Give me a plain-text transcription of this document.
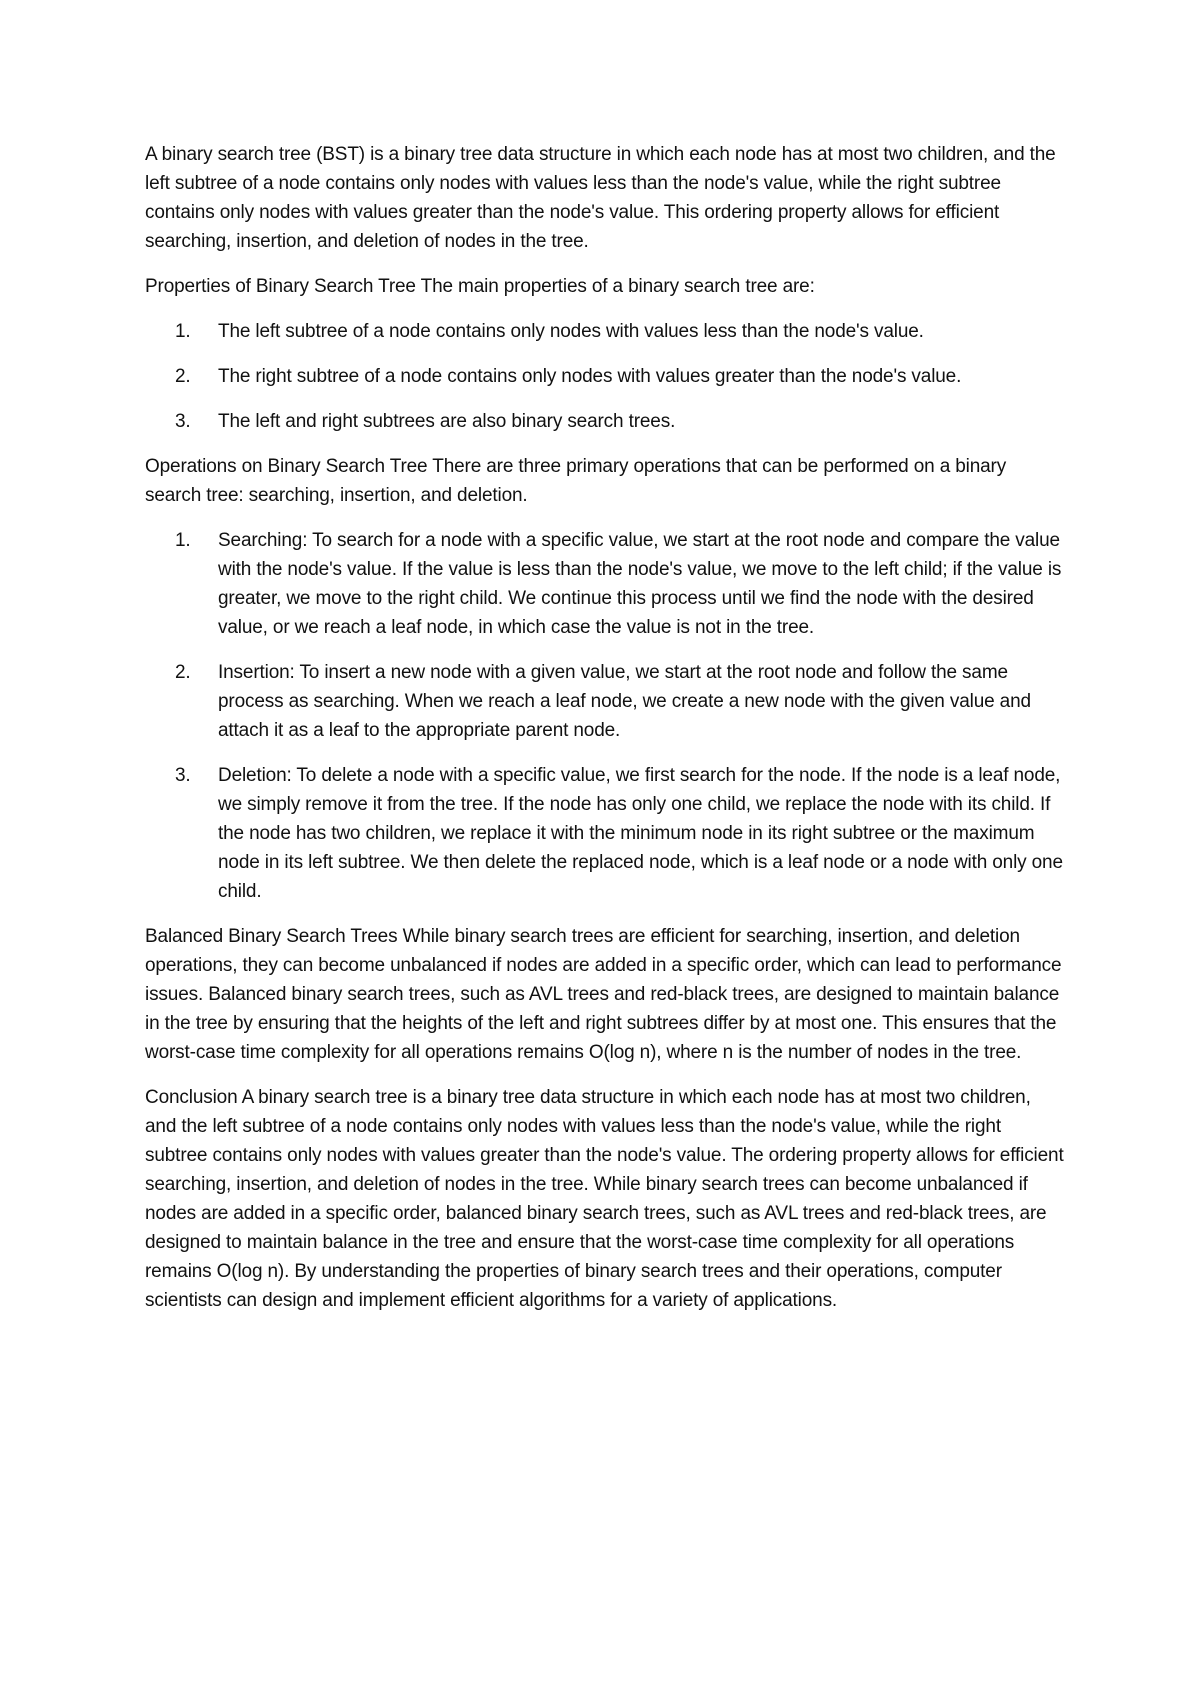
A binary search tree (BST) is a binary tree data structure in which each node has at most two children, and the left subtree of a node contains only nodes with values less than the node's value, while the right subtree contains only nodes with values greater than the node's value. This ordering property allows for efficient searching, insertion, and deletion of nodes in the tree.

Properties of Binary Search Tree The main properties of a binary search tree are:

1. The left subtree of a node contains only nodes with values less than the node's value.
2. The right subtree of a node contains only nodes with values greater than the node's value.
3. The left and right subtrees are also binary search trees.

Operations on Binary Search Tree There are three primary operations that can be performed on a binary search tree: searching, insertion, and deletion.

1. Searching: To search for a node with a specific value, we start at the root node and compare the value with the node's value. If the value is less than the node's value, we move to the left child; if the value is greater, we move to the right child. We continue this process until we find the node with the desired value, or we reach a leaf node, in which case the value is not in the tree.
2. Insertion: To insert a new node with a given value, we start at the root node and follow the same process as searching. When we reach a leaf node, we create a new node with the given value and attach it as a leaf to the appropriate parent node.
3. Deletion: To delete a node with a specific value, we first search for the node. If the node is a leaf node, we simply remove it from the tree. If the node has only one child, we replace the node with its child. If the node has two children, we replace it with the minimum node in its right subtree or the maximum node in its left subtree. We then delete the replaced node, which is a leaf node or a node with only one child.

Balanced Binary Search Trees While binary search trees are efficient for searching, insertion, and deletion operations, they can become unbalanced if nodes are added in a specific order, which can lead to performance issues. Balanced binary search trees, such as AVL trees and red-black trees, are designed to maintain balance in the tree by ensuring that the heights of the left and right subtrees differ by at most one. This ensures that the worst-case time complexity for all operations remains O(log n), where n is the number of nodes in the tree.

Conclusion A binary search tree is a binary tree data structure in which each node has at most two children, and the left subtree of a node contains only nodes with values less than the node's value, while the right subtree contains only nodes with values greater than the node's value. The ordering property allows for efficient searching, insertion, and deletion of nodes in the tree. While binary search trees can become unbalanced if nodes are added in a specific order, balanced binary search trees, such as AVL trees and red-black trees, are designed to maintain balance in the tree and ensure that the worst-case time complexity for all operations remains O(log n). By understanding the properties of binary search trees and their operations, computer scientists can design and implement efficient algorithms for a variety of applications.
